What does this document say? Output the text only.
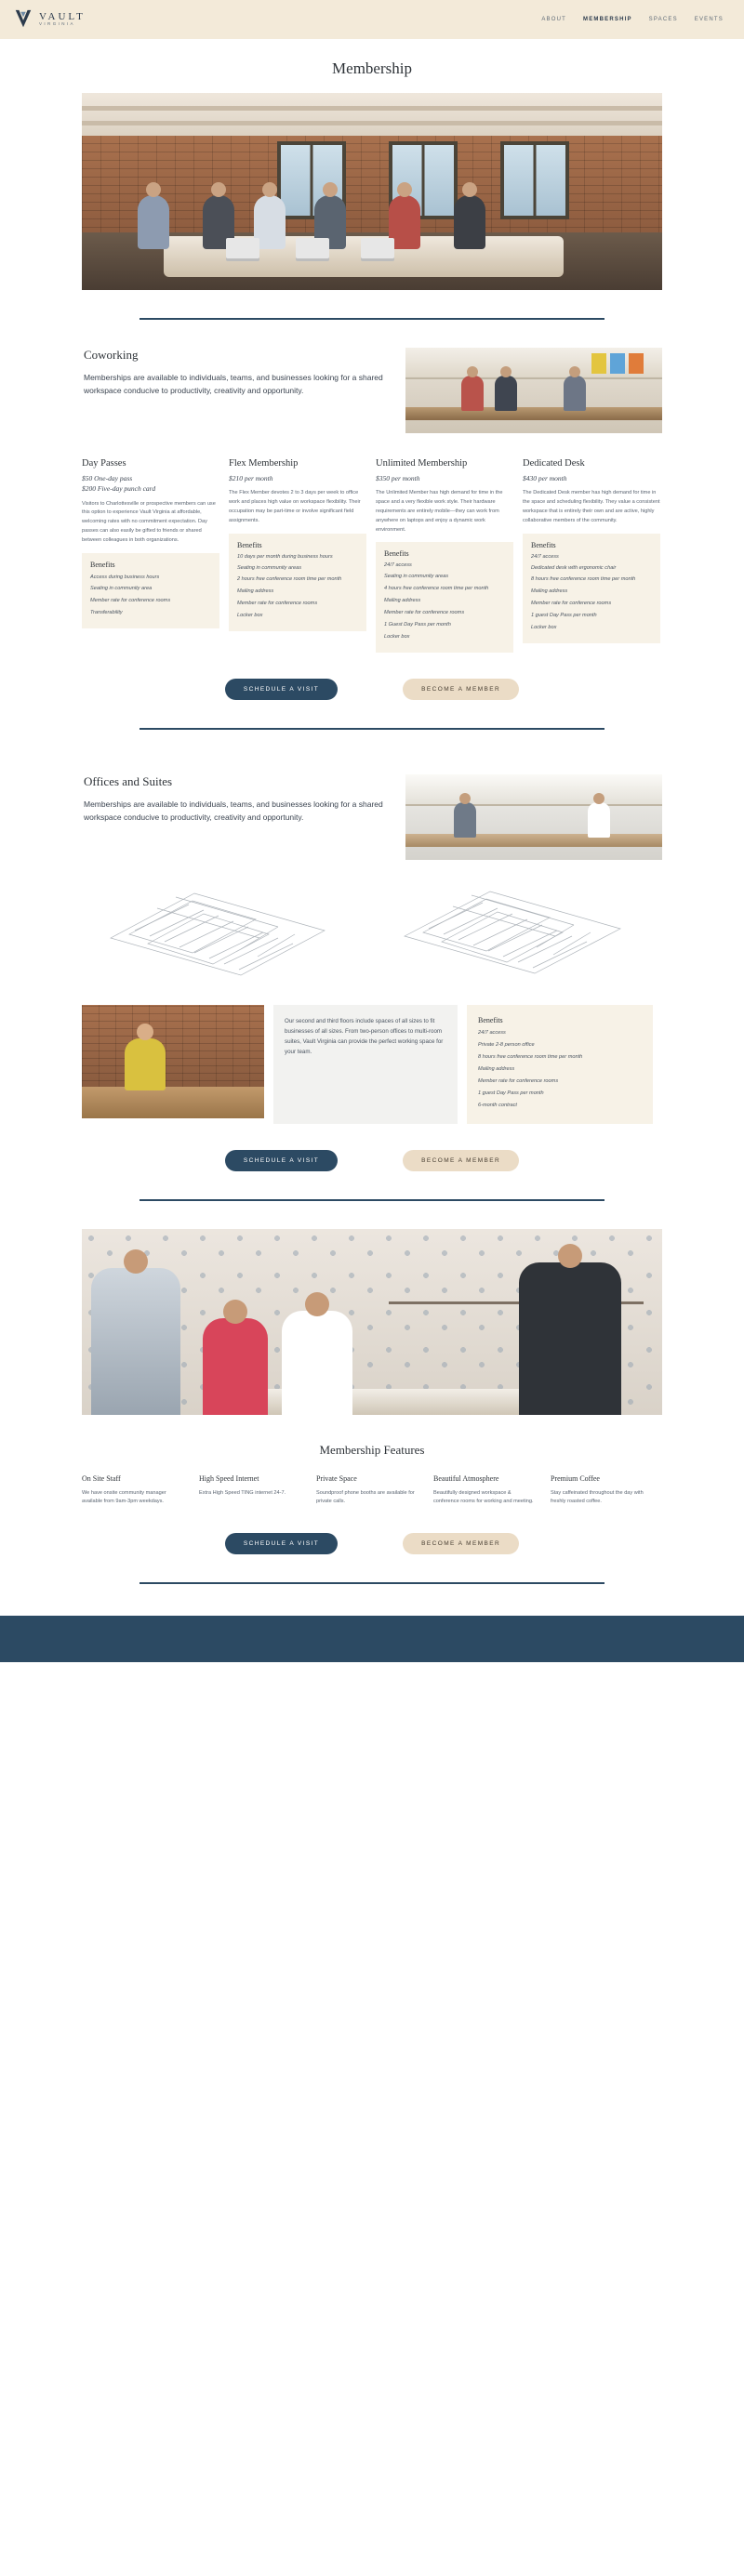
VAULT
VIRGINIA
ABOUT	MEMBERSHIP	SPACES	EVENTS
Membership
Coworking

Memberships are available to individuals, teams, and businesses looking for a shared workspace conducive to productivity, creativity and opportunity.

Day Passes
$50 One-day pass
$200 Five-day punch card
Visitors to Charlottesville or prospective members can use this option to experience Vault Virginia at affordable, welcoming rates with no commitment expectation. Day passes can also easily be gifted to friends or shared between colleagues in both organizations.
Benefits
Access during business hours
Seating in community area
Member rate for conference rooms
Transferability
Flex Membership
$210 per month
The Flex Member devotes 2 to 3 days per week to office work and places high value on workspace flexibility. Their occupation may be part-time or involve significant field assignments.
Benefits
10 days per month during business hours
Seating in community areas
2 hours free conference room time per month
Mailing address
Member rate for conference rooms
Locker box
Unlimited Membership
$350 per month
The Unlimited Member has high demand for time in the space and a very flexible work style. Their hardware requirements are entirely mobile—they can work from anywhere on laptops and enjoy a dynamic work environment.
Benefits
24/7 access
Seating in community areas
4 hours free conference room time per month
Mailing address
Member rate for conference rooms
1 Guest Day Pass per month
Locker box
Dedicated Desk
$430 per month
The Dedicated Desk member has high demand for time in the space and scheduling flexibility. They value a consistent workspace that is entirely their own and are active, highly collaborative members of the community.
Benefits
24/7 access
Dedicated desk with ergonomic chair
8 hours free conference room time per month
Mailing address
Member rate for conference rooms
1 guest Day Pass per month
Locker box
SCHEDULE A VISIT	BECOME A MEMBER
Offices and Suites

Memberships are available to individuals, teams, and businesses looking for a shared workspace conducive to productivity, creativity and opportunity.

Our second and third floors include spaces of all sizes to fit businesses of all sizes. From two-person offices to multi-room suites, Vault Virginia can provide the perfect working space for your team.

Benefits
24/7 access
Private 2-8 person office
8 hours free conference room time per month
Mailing address
Member rate for conference rooms
1 guest Day Pass per month
6-month contract
SCHEDULE A VISIT	BECOME A MEMBER
Membership Features
On Site Staff

We have onsite community manager available from 9am-3pm weekdays.

High Speed Internet

Extra High Speed TING internet 24-7.

Private Space

Soundproof phone booths are available for private calls.

Beautiful Atmosphere

Beautifully designed workspace & conference rooms for working and meeting.

Premium Coffee

Stay caffeinated throughout the day with freshly roasted coffee.

SCHEDULE A VISIT	BECOME A MEMBER
